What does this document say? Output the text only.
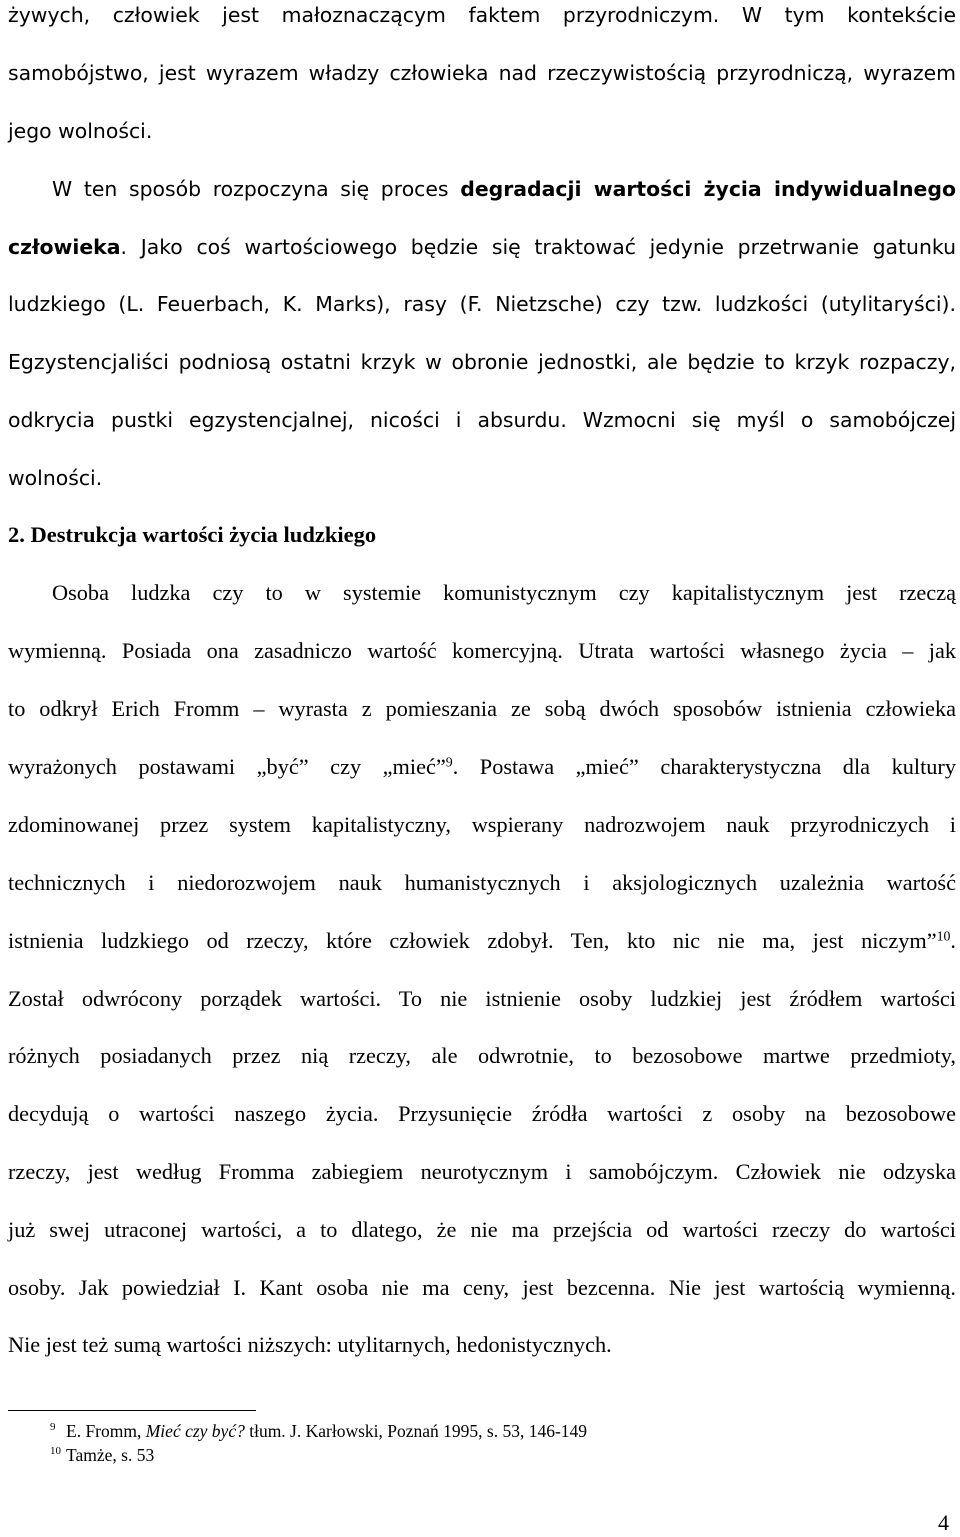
żywych, człowiek jest małoznaczącym faktem przyrodniczym. W tym kontekście
samobójstwo, jest wyrazem władzy człowieka nad rzeczywistością przyrodniczą, wyrazem
jego wolności.
W ten sposób rozpoczyna się proces degradacji wartości życia indywidualnego
człowieka. Jako coś wartościowego będzie się traktować jedynie przetrwanie gatunku
ludzkiego (L. Feuerbach, K. Marks), rasy (F. Nietzsche) czy tzw. ludzkości (utylitaryści).
Egzystencjaliści podniosą ostatni krzyk w obronie jednostki, ale będzie to krzyk rozpaczy,
odkrycia pustki egzystencjalnej, nicości i absurdu. Wzmocni się myśl o samobójczej
wolności.
2. Destrukcja wartości życia ludzkiego
Osoba ludzka czy to w systemie komunistycznym czy kapitalistycznym jest rzeczą
wymienną. Posiada ona zasadniczo wartość komercyjną. Utrata wartości własnego życia – jak
to odkrył Erich Fromm – wyrasta z pomieszania ze sobą dwóch sposobów istnienia człowieka
wyrażonych postawami „być” czy „mieć”$^9$. Postawa „mieć” charakterystyczna dla kultury
zdominowanej przez system kapitalistyczny, wspierany nadrozwojem nauk przyrodniczych i
technicznych i niedorozwojem nauk humanistycznych i aksjologicznych uzależnia wartość
istnienia ludzkiego od rzeczy, które człowiek zdobył. Ten, kto nic nie ma, jest niczym”$^{10}$.
Został odwrócony porządek wartości. To nie istnienie osoby ludzkiej jest źródłem wartości
różnych posiadanych przez nią rzeczy, ale odwrotnie, to bezosobowe martwe przedmioty,
decydują o wartości naszego życia. Przysunięcie źródła wartości z osoby na bezosobowe
rzeczy, jest według Fromma zabiegiem neurotycznym i samobójczym. Człowiek nie odzyska
już swej utraconej wartości, a to dlatego, że nie ma przejścia od wartości rzeczy do wartości
osoby. Jak powiedział I. Kant osoba nie ma ceny, jest bezcenna. Nie jest wartością wymienną.
Nie jest też sumą wartości niższych: utylitarnych, hedonistycznych.
9 E. Fromm, Mieć czy być? tłum. J. Karłowski, Poznań 1995, s. 53, 146-149
10 Tamże, s. 53
4
